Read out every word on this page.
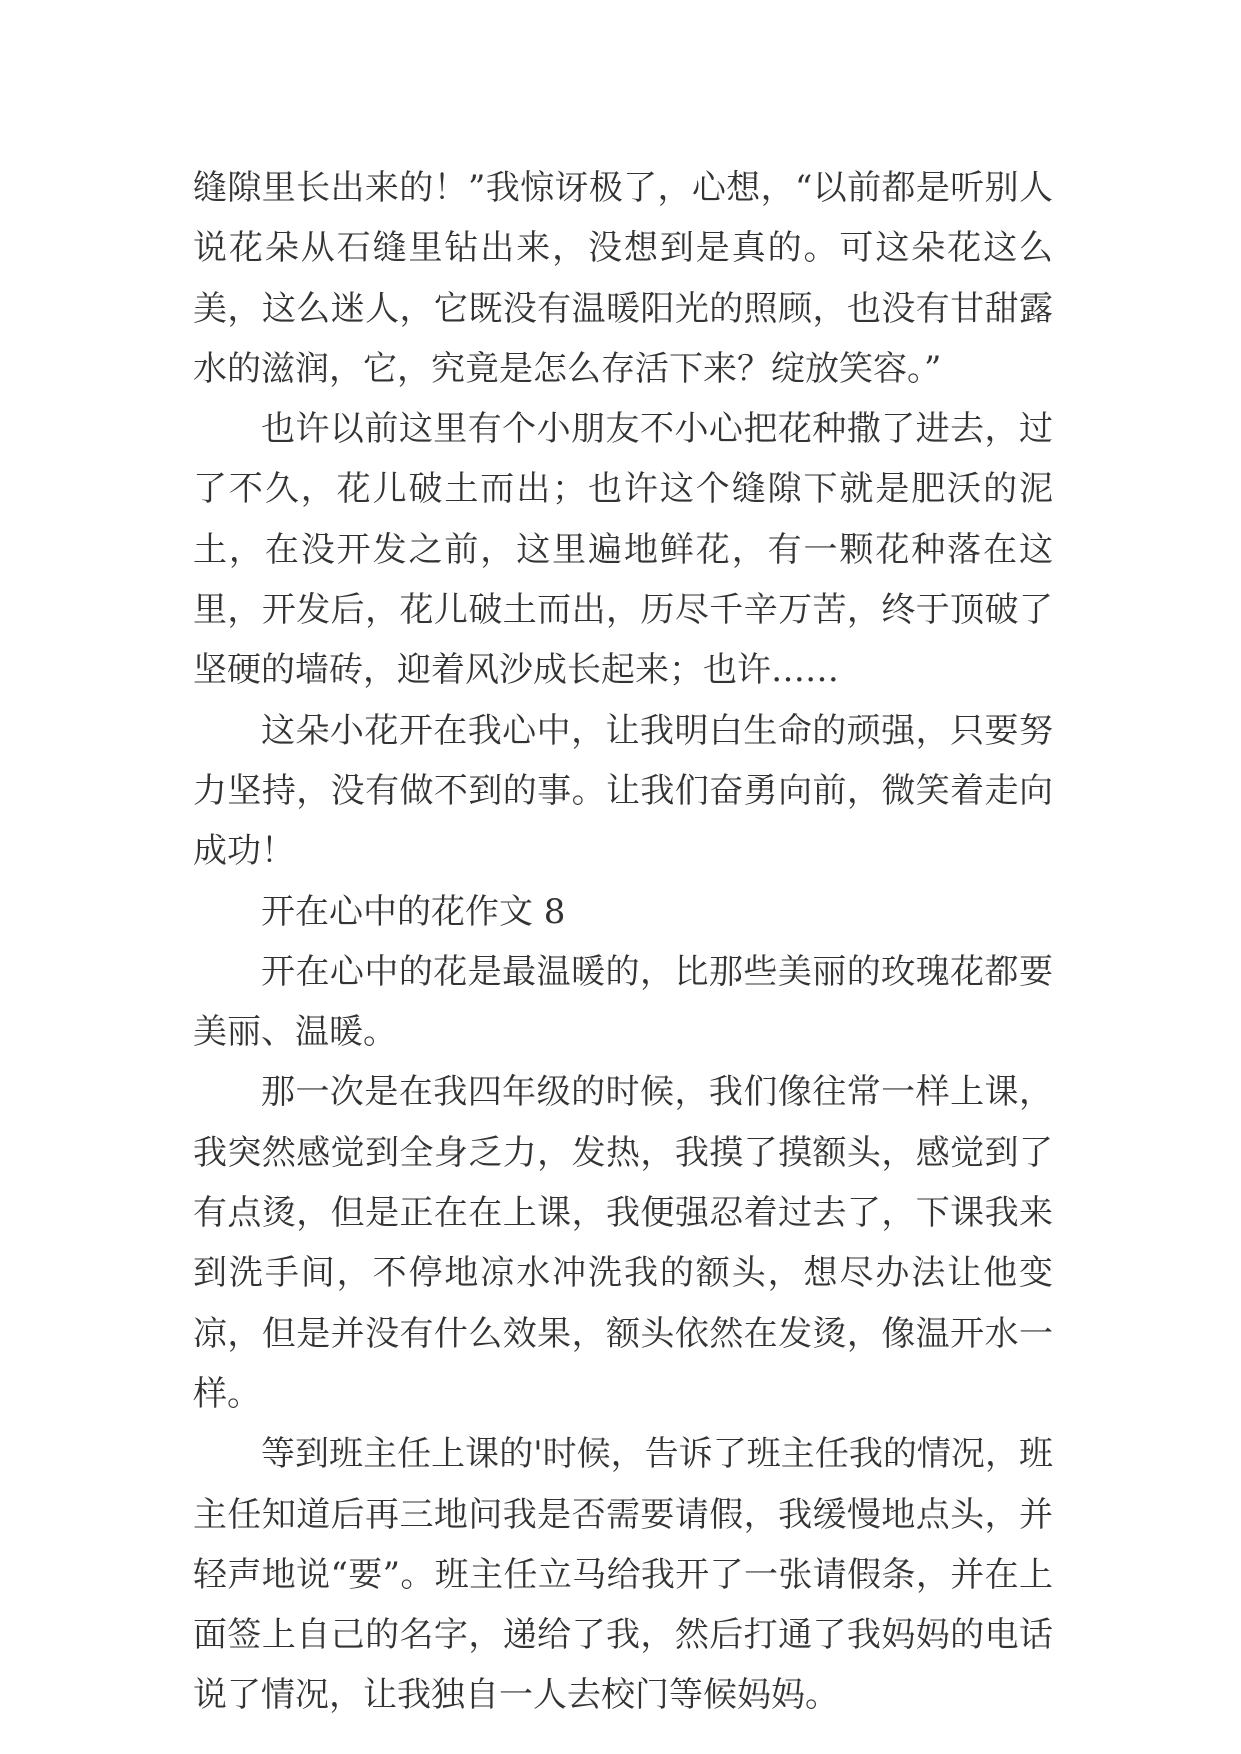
缝隙里长出来的！”我惊讶极了，心想，“以前都是听别人说花朵从石缝里钻出来，没想到是真的。可这朵花这么美，这么迷人，它既没有温暖阳光的照顾，也没有甘甜露水的滋润，它，究竟是怎么存活下来？绽放笑容。”

也许以前这里有个小朋友不小心把花种撒了进去，过了不久，花儿破土而出；也许这个缝隙下就是肥沃的泥土，在没开发之前，这里遍地鲜花，有一颗花种落在这里，开发后，花儿破土而出，历尽千辛万苦，终于顶破了坚硬的墙砖，迎着风沙成长起来；也许……

这朵小花开在我心中，让我明白生命的顽强，只要努力坚持，没有做不到的事。让我们奋勇向前，微笑着走向成功！

开在心中的花作文 8

开在心中的花是最温暖的，比那些美丽的玫瑰花都要美丽、温暖。

那一次是在我四年级的时候，我们像往常一样上课，我突然感觉到全身乏力，发热，我摸了摸额头，感觉到了有点烫，但是正在在上课，我便强忍着过去了，下课我来到洗手间，不停地凉水冲洗我的额头，想尽办法让他变凉，但是并没有什么效果，额头依然在发烫，像温开水一样。

等到班主任上课的'时候，告诉了班主任我的情况，班主任知道后再三地问我是否需要请假，我缓慢地点头，并轻声地说“要”。班主任立马给我开了一张请假条，并在上面签上自己的名字，递给了我，然后打通了我妈妈的电话说了情况，让我独自一人去校门等候妈妈。
